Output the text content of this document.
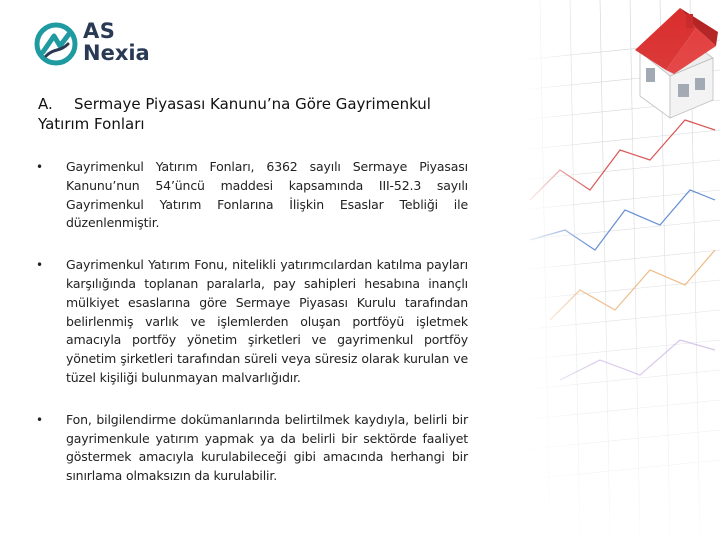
AS
Nexia
A. Sermaye Piyasası Kanunu’na Göre Gayrimenkul Yatırım Fonları
• Gayrimenkul Yatırım Fonları, 6362 sayılı Sermaye Piyasası Kanunu’nun 54’üncü maddesi kapsamında III-52.3 sayılı Gayrimenkul Yatırım Fonlarına İlişkin Esaslar Tebliği ile düzenlenmiştir.
• Gayrimenkul Yatırım Fonu, nitelikli yatırımcılardan katılma payları karşılığında toplanan paralarla, pay sahipleri hesabına inançlı mülkiyet esaslarına göre Sermaye Piyasası Kurulu tarafından belirlenmiş varlık ve işlemlerden oluşan portföyü işletmek amacıyla portföy yönetim şirketleri ve gayrimenkul portföy yönetim şirketleri tarafından süreli veya süresiz olarak kurulan ve tüzel kişiliği bulunmayan malvarlığıdır.
• Fon, bilgilendirme dokümanlarında belirtilmek kaydıyla, belirli bir gayrimenkule yatırım yapmak ya da belirli bir sektörde faaliyet göstermek amacıyla kurulabileceği gibi amacında herhangi bir sınırlama olmaksızın da kurulabilir.
